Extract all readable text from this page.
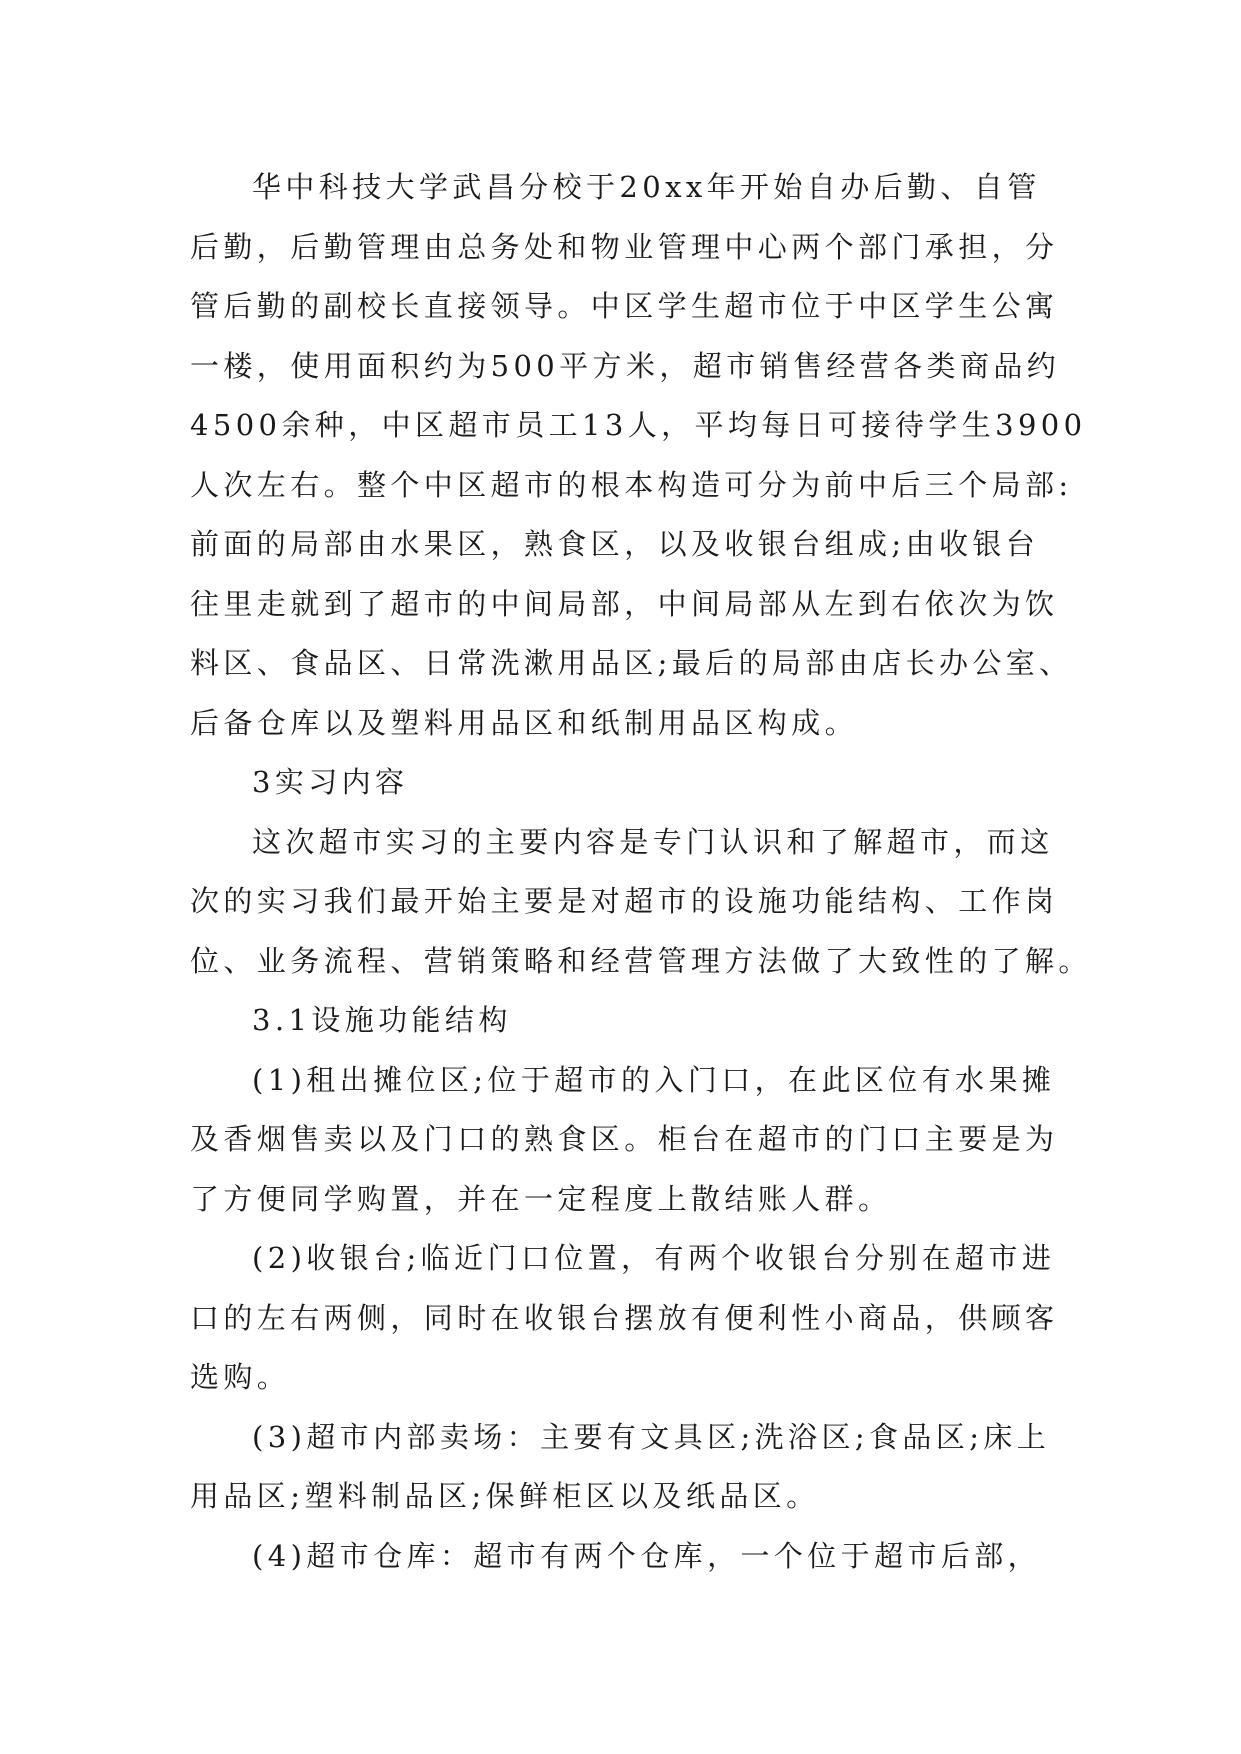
华中科技大学武昌分校于20xx年开始自办后勤、自管
后勤，后勤管理由总务处和物业管理中心两个部门承担，分
管后勤的副校长直接领导。中区学生超市位于中区学生公寓
一楼，使用面积约为500平方米，超市销售经营各类商品约
4500余种，中区超市员工13人，平均每日可接待学生3900
人次左右。整个中区超市的根本构造可分为前中后三个局部:
前面的局部由水果区，熟食区，以及收银台组成;由收银台
往里走就到了超市的中间局部，中间局部从左到右依次为饮
料区、食品区、日常洗漱用品区;最后的局部由店长办公室、
后备仓库以及塑料用品区和纸制用品区构成。

3实习内容

这次超市实习的主要内容是专门认识和了解超市，而这
次的实习我们最开始主要是对超市的设施功能结构、工作岗
位、业务流程、营销策略和经营管理方法做了大致性的了解。

3.1设施功能结构

(1)租出摊位区;位于超市的入门口，在此区位有水果摊
及香烟售卖以及门口的熟食区。柜台在超市的门口主要是为
了方便同学购置，并在一定程度上散结账人群。

(2)收银台;临近门口位置，有两个收银台分别在超市进
口的左右两侧，同时在收银台摆放有便利性小商品，供顾客
选购。

(3)超市内部卖场：主要有文具区;洗浴区;食品区;床上
用品区;塑料制品区;保鲜柜区以及纸品区。

(4)超市仓库：超市有两个仓库，一个位于超市后部，
